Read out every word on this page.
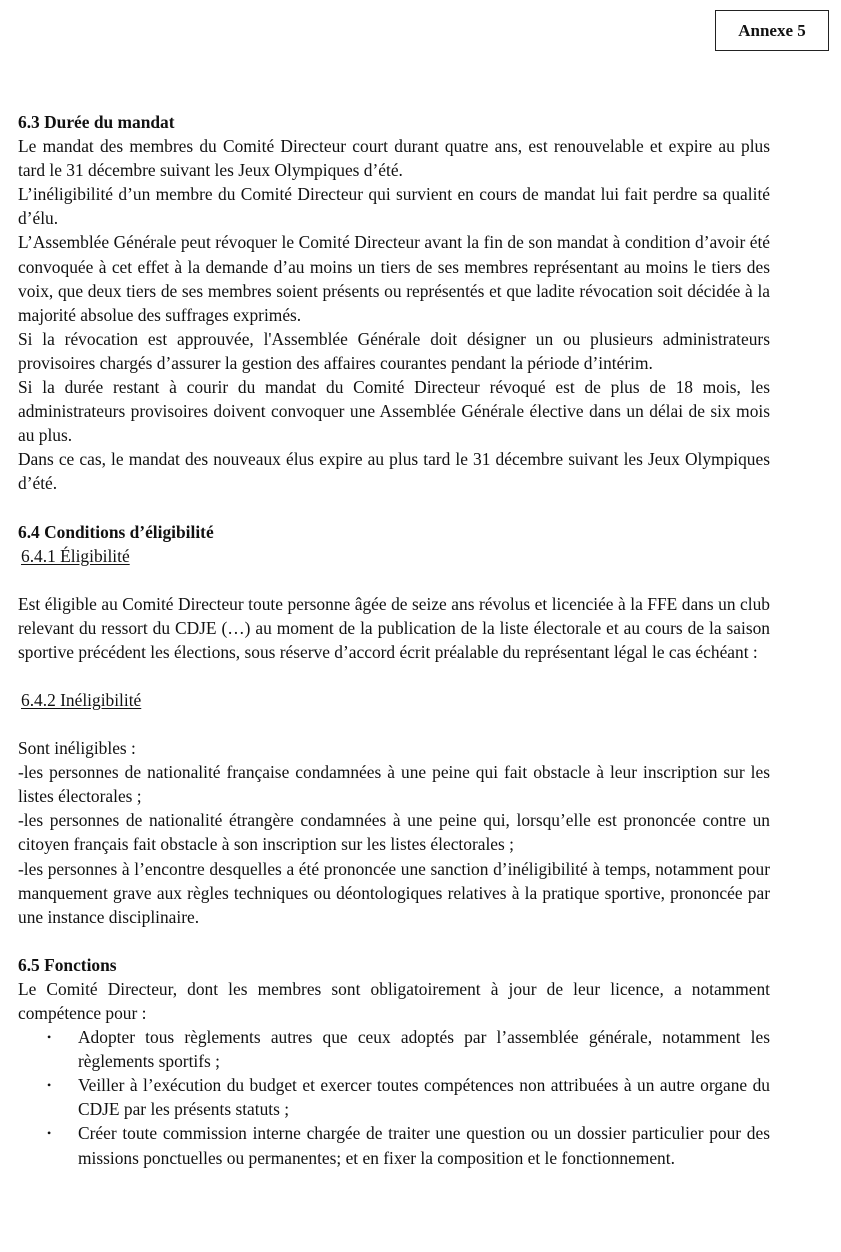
Annexe 5
6.3 Durée du mandat
Le mandat des membres du Comité Directeur court durant quatre ans, est renouvelable et expire au plus tard le 31 décembre suivant les Jeux Olympiques d’été.
L’inéligibilité d’un membre du Comité Directeur qui survient en cours de mandat lui fait perdre sa qualité d’élu.
L’Assemblée Générale peut révoquer le Comité Directeur avant la fin de son mandat à condition d’avoir été convoquée à cet effet à la demande d’au moins un tiers de ses membres représentant au moins le tiers des voix, que deux tiers de ses membres soient présents ou représentés et que ladite révocation soit décidée à la majorité absolue des suffrages exprimés.
Si la révocation est approuvée, l'Assemblée Générale doit désigner un ou plusieurs administrateurs provisoires chargés d’assurer la gestion des affaires courantes pendant la période d’intérim.
Si la durée restant à courir du mandat du Comité Directeur révoqué est de plus de 18 mois, les administrateurs provisoires doivent convoquer une Assemblée Générale élective dans un délai de six mois au plus.
Dans ce cas, le mandat des nouveaux élus expire au plus tard le 31 décembre suivant les Jeux Olympiques d’été.
6.4 Conditions d’éligibilité
6.4.1 Éligibilité
Est éligible au Comité Directeur toute personne âgée de seize ans révolus et licenciée à la FFE dans un club relevant du ressort du CDJE (…) au moment de la publication de la liste électorale et au cours de la saison sportive précédent les élections, sous réserve d’accord écrit préalable du représentant légal le cas échéant :
6.4.2 Inéligibilité
Sont inéligibles :
-les personnes de nationalité française condamnées à une peine qui fait obstacle à leur inscription sur les listes électorales ;
-les personnes de nationalité étrangère condamnées à une peine qui, lorsqu’elle est prononcée contre un citoyen français fait obstacle à son inscription sur les listes électorales ;
-les personnes à l’encontre desquelles a été prononcée une sanction d’inéligibilité à temps, notamment pour manquement grave aux règles techniques ou déontologiques relatives à la pratique sportive, prononcée par une instance disciplinaire.
6.5 Fonctions
Le Comité Directeur, dont les membres sont obligatoirement à jour de leur licence, a notamment compétence pour :
• Adopter tous règlements autres que ceux adoptés par l’assemblée générale, notamment les règlements sportifs ;
• Veiller à l’exécution du budget et exercer toutes compétences non attribuées à un autre organe du CDJE par les présents statuts ;
• Créer toute commission interne chargée de traiter une question ou un dossier particulier pour des missions ponctuelles ou permanentes; et en fixer la composition et le fonctionnement.
